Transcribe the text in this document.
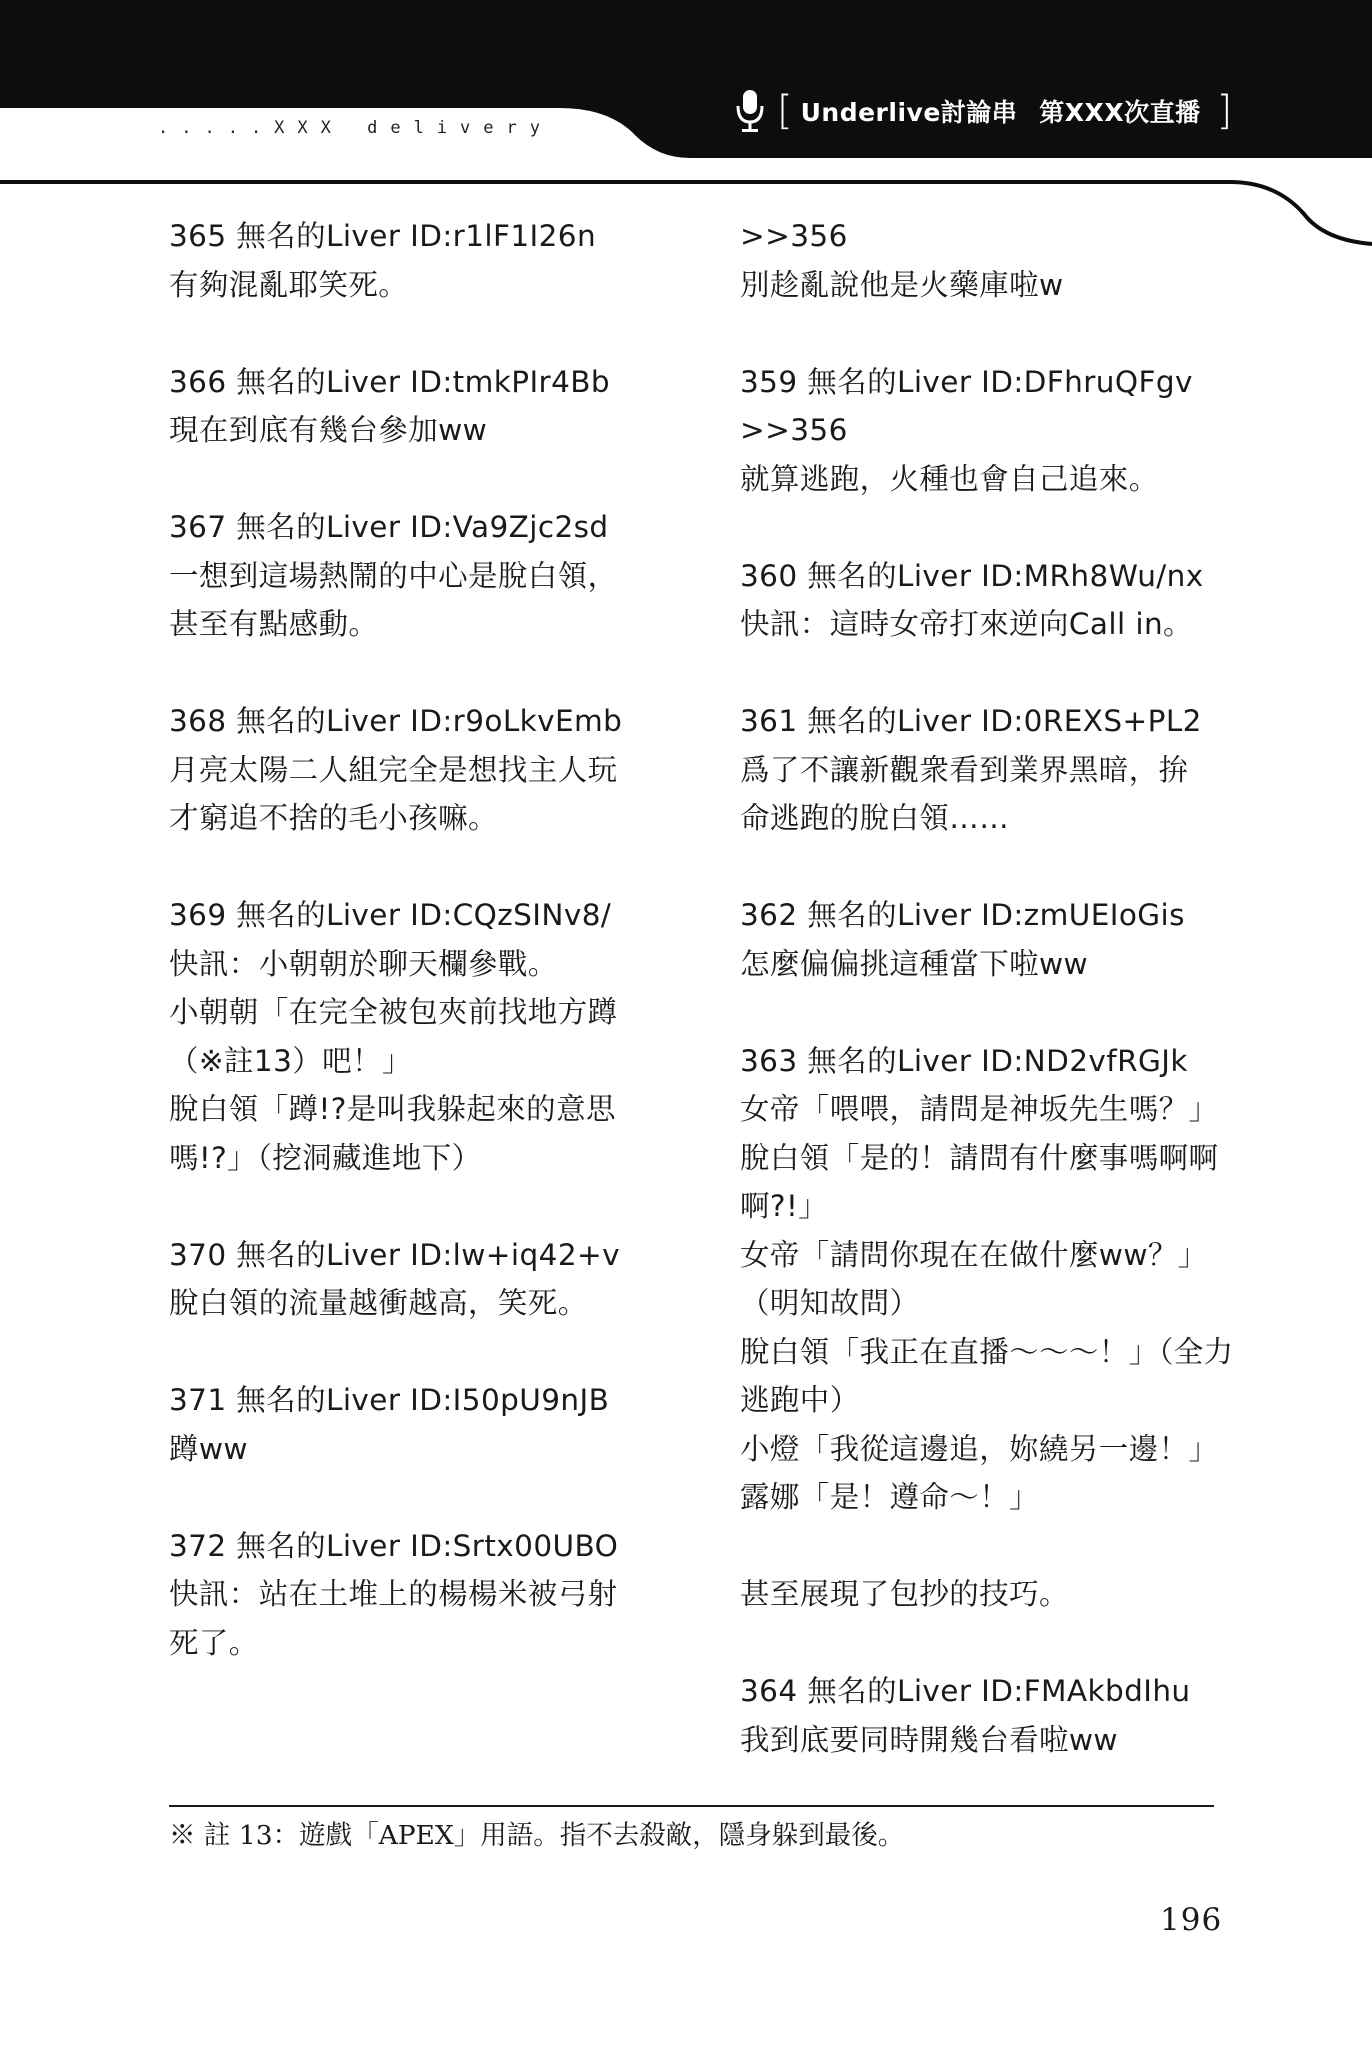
.....XXX delivery	[ Underlive討論串 第XXX次直播 ]
365 無名的Liver ID:r1lF1I26n
有夠混亂耶笑死。
366 無名的Liver ID:tmkPIr4Bb
現在到底有幾台參加ww
367 無名的Liver ID:Va9Zjc2sd
一想到這場熱鬧的中心是脫白領，
甚至有點感動。
368 無名的Liver ID:r9oLkvEmb
月亮太陽二人組完全是想找主人玩
才窮追不捨的毛小孩嘛。
369 無名的Liver ID:CQzSINv8/
快訊：小朝朝於聊天欄參戰。
小朝朝「在完全被包夾前找地方蹲
（※註13）吧！」
脫白領「蹲!?是叫我躲起來的意思
嗎!?」（挖洞藏進地下）
370 無名的Liver ID:lw+iq42+v
脫白領的流量越衝越高，笑死。
371 無名的Liver ID:I50pU9nJB
蹲ww
372 無名的Liver ID:Srtx00UBO
快訊：站在土堆上的楊楊米被弓射
死了。
>>356
別趁亂說他是火藥庫啦w
359 無名的Liver ID:DFhruQFgv
>>356
就算逃跑，火種也會自己追來。
360 無名的Liver ID:MRh8Wu/nx
快訊：這時女帝打來逆向Call in。
361 無名的Liver ID:0REXS+PL2
爲了不讓新觀衆看到業界黑暗，拚
命逃跑的脫白領……
362 無名的Liver ID:zmUEIoGis
怎麼偏偏挑這種當下啦ww
363 無名的Liver ID:ND2vfRGJk
女帝「喂喂，請問是神坂先生嗎？」
脫白領「是的！請問有什麼事嗎啊啊
啊?!」
女帝「請問你現在在做什麼ww？」
（明知故問）
脫白領「我正在直播〜〜〜！」（全力
逃跑中）
小燈「我從這邊追，妳繞另一邊！」
露娜「是！遵命〜！」
甚至展現了包抄的技巧。
364 無名的Liver ID:FMAkbdIhu
我到底要同時開幾台看啦ww
※ 註 13：遊戲「APEX」用語。指不去殺敵，隱身躲到最後。
196
